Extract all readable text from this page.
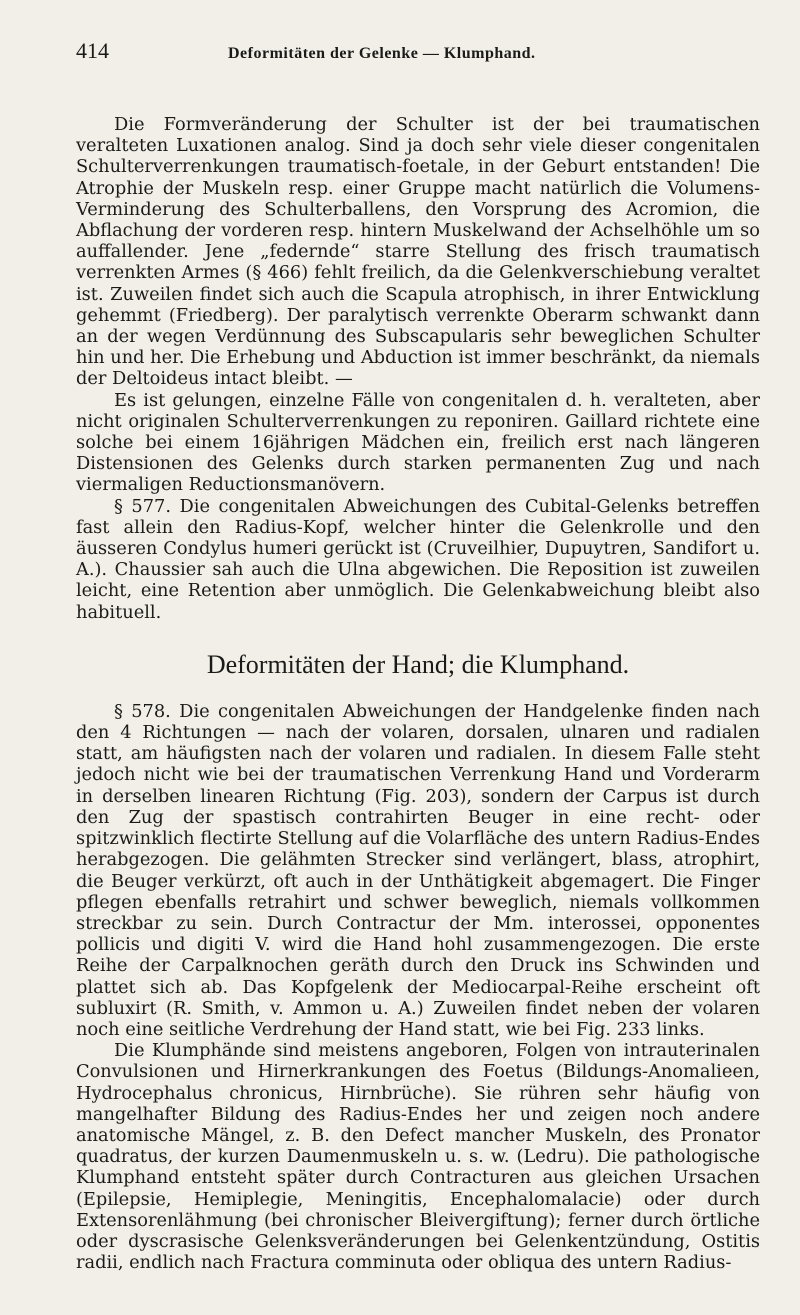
414	Deformitäten der Gelenke — Klumphand.

Die Formveränderung der Schulter ist der bei traumatischen veralteten Luxationen analog. Sind ja doch sehr viele dieser congenitalen Schulterverrenkungen traumatisch-foetale, in der Geburt entstanden! Die Atrophie der Muskeln resp. einer Gruppe macht natürlich die Volumens-Verminderung des Schulterballens, den Vorsprung des Acromion, die Abflachung der vorderen resp. hintern Muskelwand der Achselhöhle um so auffallender. Jene „federnde“ starre Stellung des frisch traumatisch verrenkten Armes (§ 466) fehlt freilich, da die Gelenkverschiebung veraltet ist. Zuweilen findet sich auch die Scapula atrophisch, in ihrer Entwicklung gehemmt (Friedberg). Der paralytisch verrenkte Oberarm schwankt dann an der wegen Verdünnung des Subscapularis sehr beweglichen Schulter hin und her. Die Erhebung und Abduction ist immer beschränkt, da niemals der Deltoideus intact bleibt. —

Es ist gelungen, einzelne Fälle von congenitalen d. h. veralteten, aber nicht originalen Schulterverrenkungen zu reponiren. Gaillard richtete eine solche bei einem 16jährigen Mädchen ein, freilich erst nach längeren Distensionen des Gelenks durch starken permanenten Zug und nach viermaligen Reductionsmanövern.

§ 577. Die congenitalen Abweichungen des Cubital-Gelenks betreffen fast allein den Radius-Kopf, welcher hinter die Gelenkrolle und den äusseren Condylus humeri gerückt ist (Cruveilhier, Dupuytren, Sandifort u. A.). Chaussier sah auch die Ulna abgewichen. Die Reposition ist zuweilen leicht, eine Retention aber unmöglich. Die Gelenkabweichung bleibt also habituell.

Deformitäten der Hand; die Klumphand.

§ 578. Die congenitalen Abweichungen der Handgelenke finden nach den 4 Richtungen — nach der volaren, dorsalen, ulnaren und radialen statt, am häufigsten nach der volaren und radialen. In diesem Falle steht jedoch nicht wie bei der traumatischen Verrenkung Hand und Vorderarm in derselben linearen Richtung (Fig. 203), sondern der Carpus ist durch den Zug der spastisch contrahirten Beuger in eine recht- oder spitzwinklich flectirte Stellung auf die Volarfläche des untern Radius-Endes herabgezogen. Die gelähmten Strecker sind verlängert, blass, atrophirt, die Beuger verkürzt, oft auch in der Unthätigkeit abgemagert. Die Finger pflegen ebenfalls retrahirt und schwer beweglich, niemals vollkommen streckbar zu sein. Durch Contractur der Mm. interossei, opponentes pollicis und digiti V. wird die Hand hohl zusammengezogen. Die erste Reihe der Carpalknochen geräth durch den Druck ins Schwinden und plattet sich ab. Das Kopfgelenk der Mediocarpal-Reihe erscheint oft subluxirt (R. Smith, v. Ammon u. A.) Zuweilen findet neben der volaren noch eine seitliche Verdrehung der Hand statt, wie bei Fig. 233 links.

Die Klumphände sind meistens angeboren, Folgen von intrauterinalen Convulsionen und Hirnerkrankungen des Foetus (Bildungs-Anomalieen, Hydrocephalus chronicus, Hirnbrüche). Sie rühren sehr häufig von mangelhafter Bildung des Radius-Endes her und zeigen noch andere anatomische Mängel, z. B. den Defect mancher Muskeln, des Pronator quadratus, der kurzen Daumenmuskeln u. s. w. (Ledru). Die pathologische Klumphand entsteht später durch Contracturen aus gleichen Ursachen (Epilepsie, Hemiplegie, Meningitis, Encephalomalacie) oder durch Extensorenlähmung (bei chronischer Bleivergiftung); ferner durch örtliche oder dyscrasische Gelenksveränderungen bei Gelenkentzündung, Ostitis radii, endlich nach Fractura comminuta oder obliqua des untern Radius-
